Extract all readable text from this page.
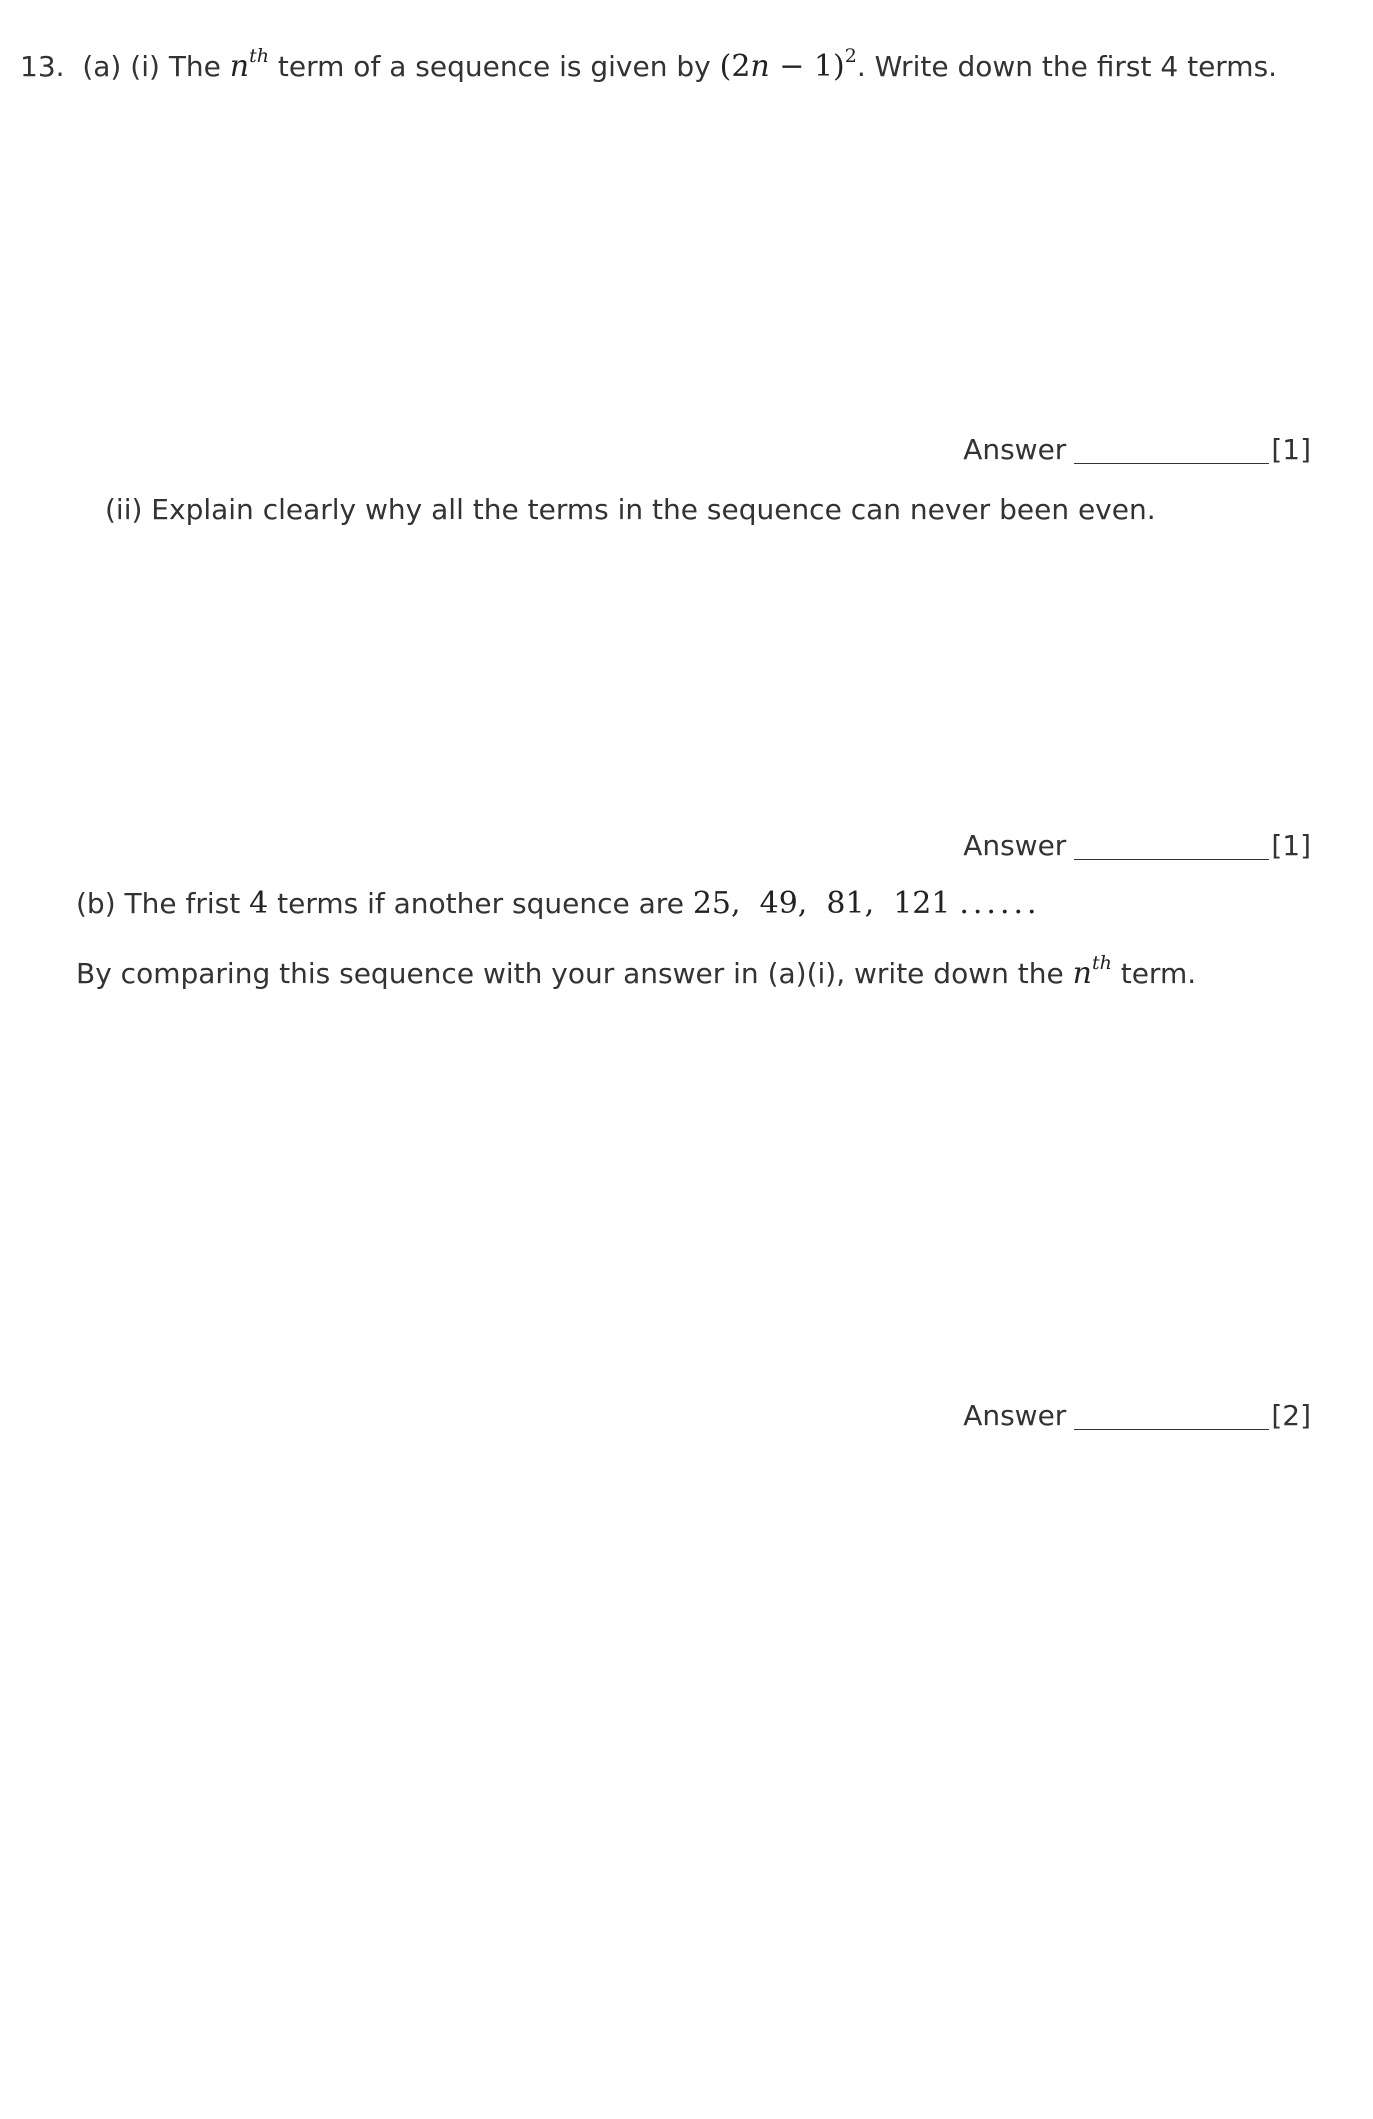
13. (a) (i) The $n^{th}$ term of a sequence is given by $(2n - 1)^2$. Write down the first 4 terms.
Answer	[1]
(ii) Explain clearly why all the terms in the sequence can never been even.
Answer	[1]
(b) The frist 4 terms if another squence are 25,  49,  81,  121 ......
By comparing this sequence with your answer in (a)(i), write down the $n^{th}$ term.
Answer	[2]
